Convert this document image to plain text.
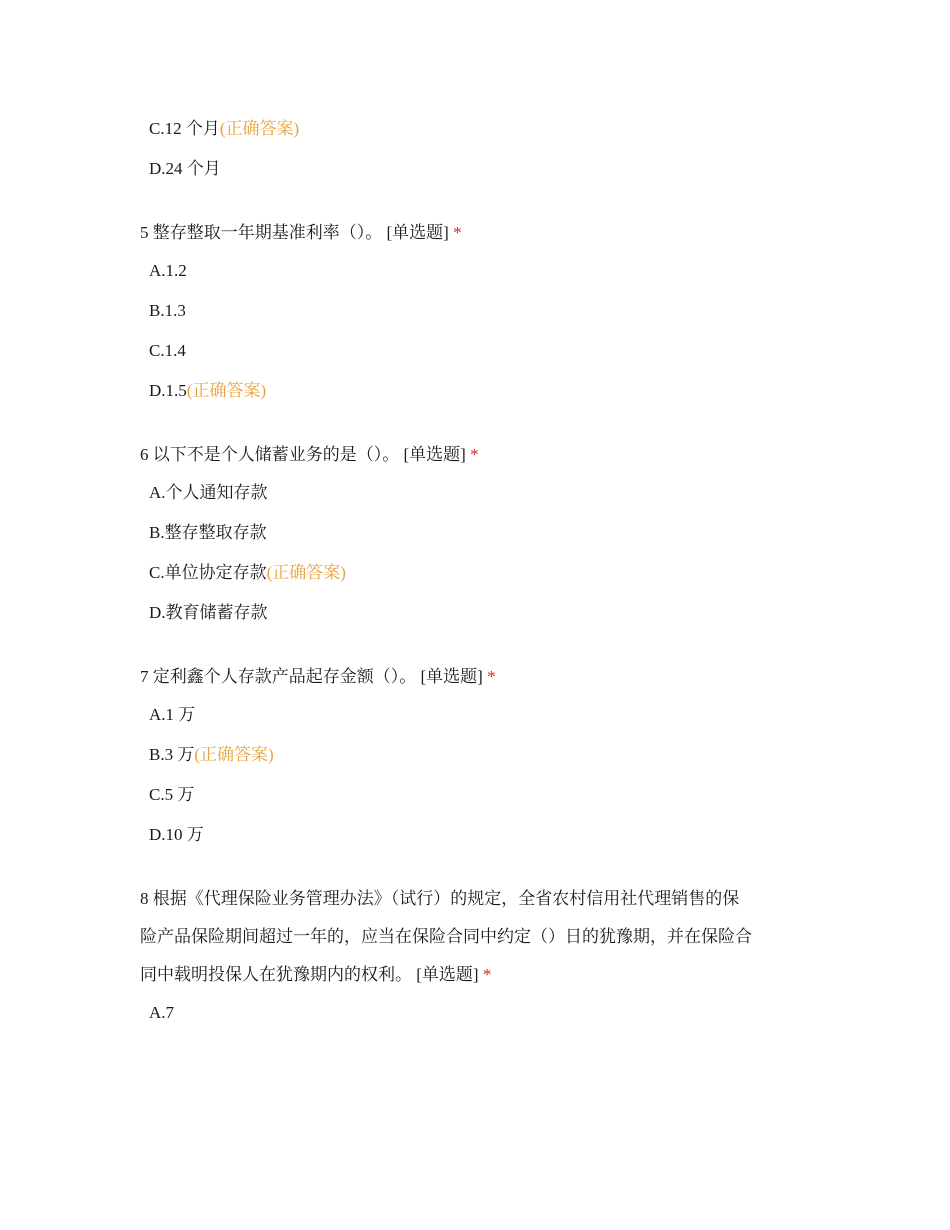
C.12 个月(正确答案)
D.24 个月
5 整存整取一年期基准利率（）。 [单选题] *
A.1.2
B.1.3
C.1.4
D.1.5(正确答案)
6 以下不是个人储蓄业务的是（）。 [单选题] *
A.个人通知存款
B.整存整取存款
C.单位协定存款(正确答案)
D.教育储蓄存款
7 定利鑫个人存款产品起存金额（）。 [单选题] *
A.1 万
B.3 万(正确答案)
C.5 万
D.10 万
8 根据《代理保险业务管理办法》（试行）的规定，全省农村信用社代理销售的保
险产品保险期间超过一年的，应当在保险合同中约定（）日的犹豫期，并在保险合
同中载明投保人在犹豫期内的权利。 [单选题] *
A.7
